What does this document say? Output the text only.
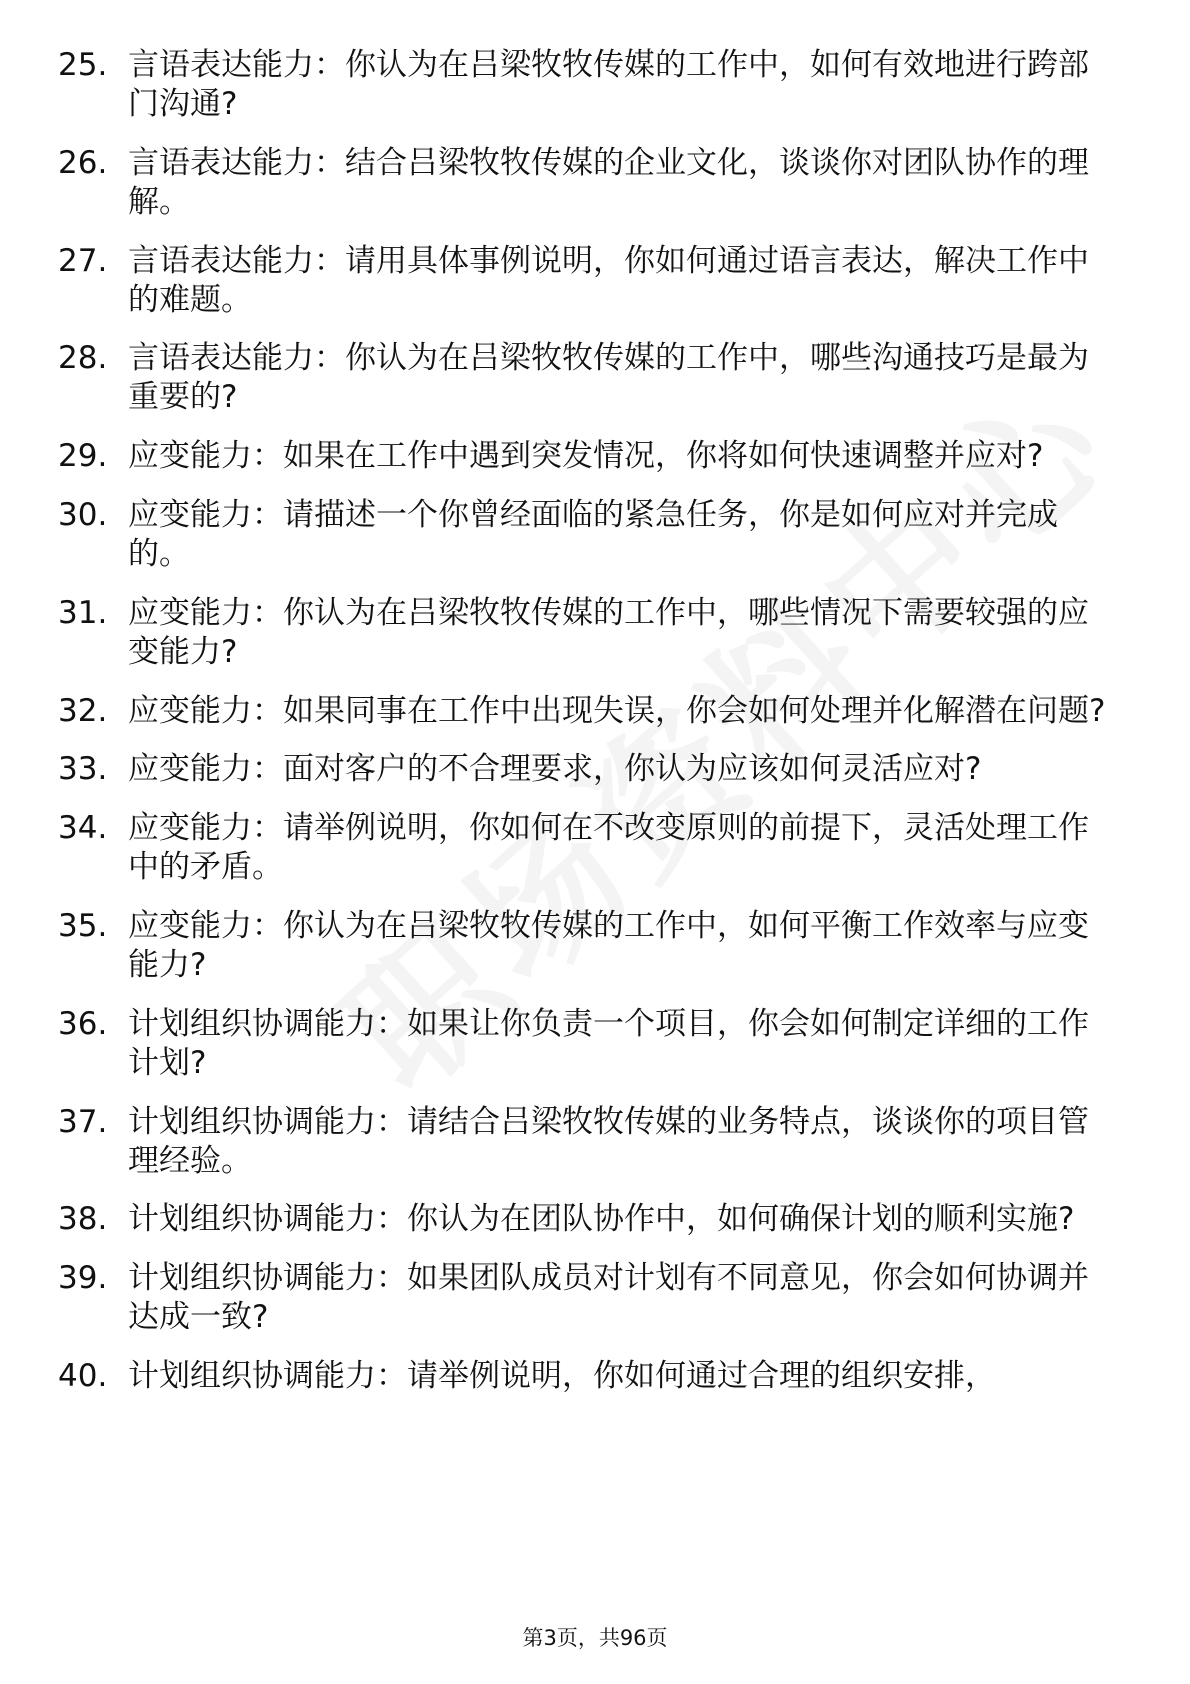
25. 言语表达能力：你认为在吕梁牧牧传媒的工作中，如何有效地进行跨部门沟通?
26. 言语表达能力：结合吕梁牧牧传媒的企业文化，谈谈你对团队协作的理解。
27. 言语表达能力：请用具体事例说明，你如何通过语言表达，解决工作中的难题。
28. 言语表达能力：你认为在吕梁牧牧传媒的工作中，哪些沟通技巧是最为重要的?
29. 应变能力：如果在工作中遇到突发情况，你将如何快速调整并应对?
30. 应变能力：请描述一个你曾经面临的紧急任务，你是如何应对并完成的。
31. 应变能力：你认为在吕梁牧牧传媒的工作中，哪些情况下需要较强的应变能力?
32. 应变能力：如果同事在工作中出现失误，你会如何处理并化解潜在问题?
33. 应变能力：面对客户的不合理要求，你认为应该如何灵活应对?
34. 应变能力：请举例说明，你如何在不改变原则的前提下，灵活处理工作中的矛盾。
35. 应变能力：你认为在吕梁牧牧传媒的工作中，如何平衡工作效率与应变能力?
36. 计划组织协调能力：如果让你负责一个项目，你会如何制定详细的工作计划?
37. 计划组织协调能力：请结合吕梁牧牧传媒的业务特点，谈谈你的项目管理经验。
38. 计划组织协调能力：你认为在团队协作中，如何确保计划的顺利实施?
39. 计划组织协调能力：如果团队成员对计划有不同意见，你会如何协调并达成一致?
40. 计划组织协调能力：请举例说明，你如何通过合理的组织安排，
第3页，共96页
